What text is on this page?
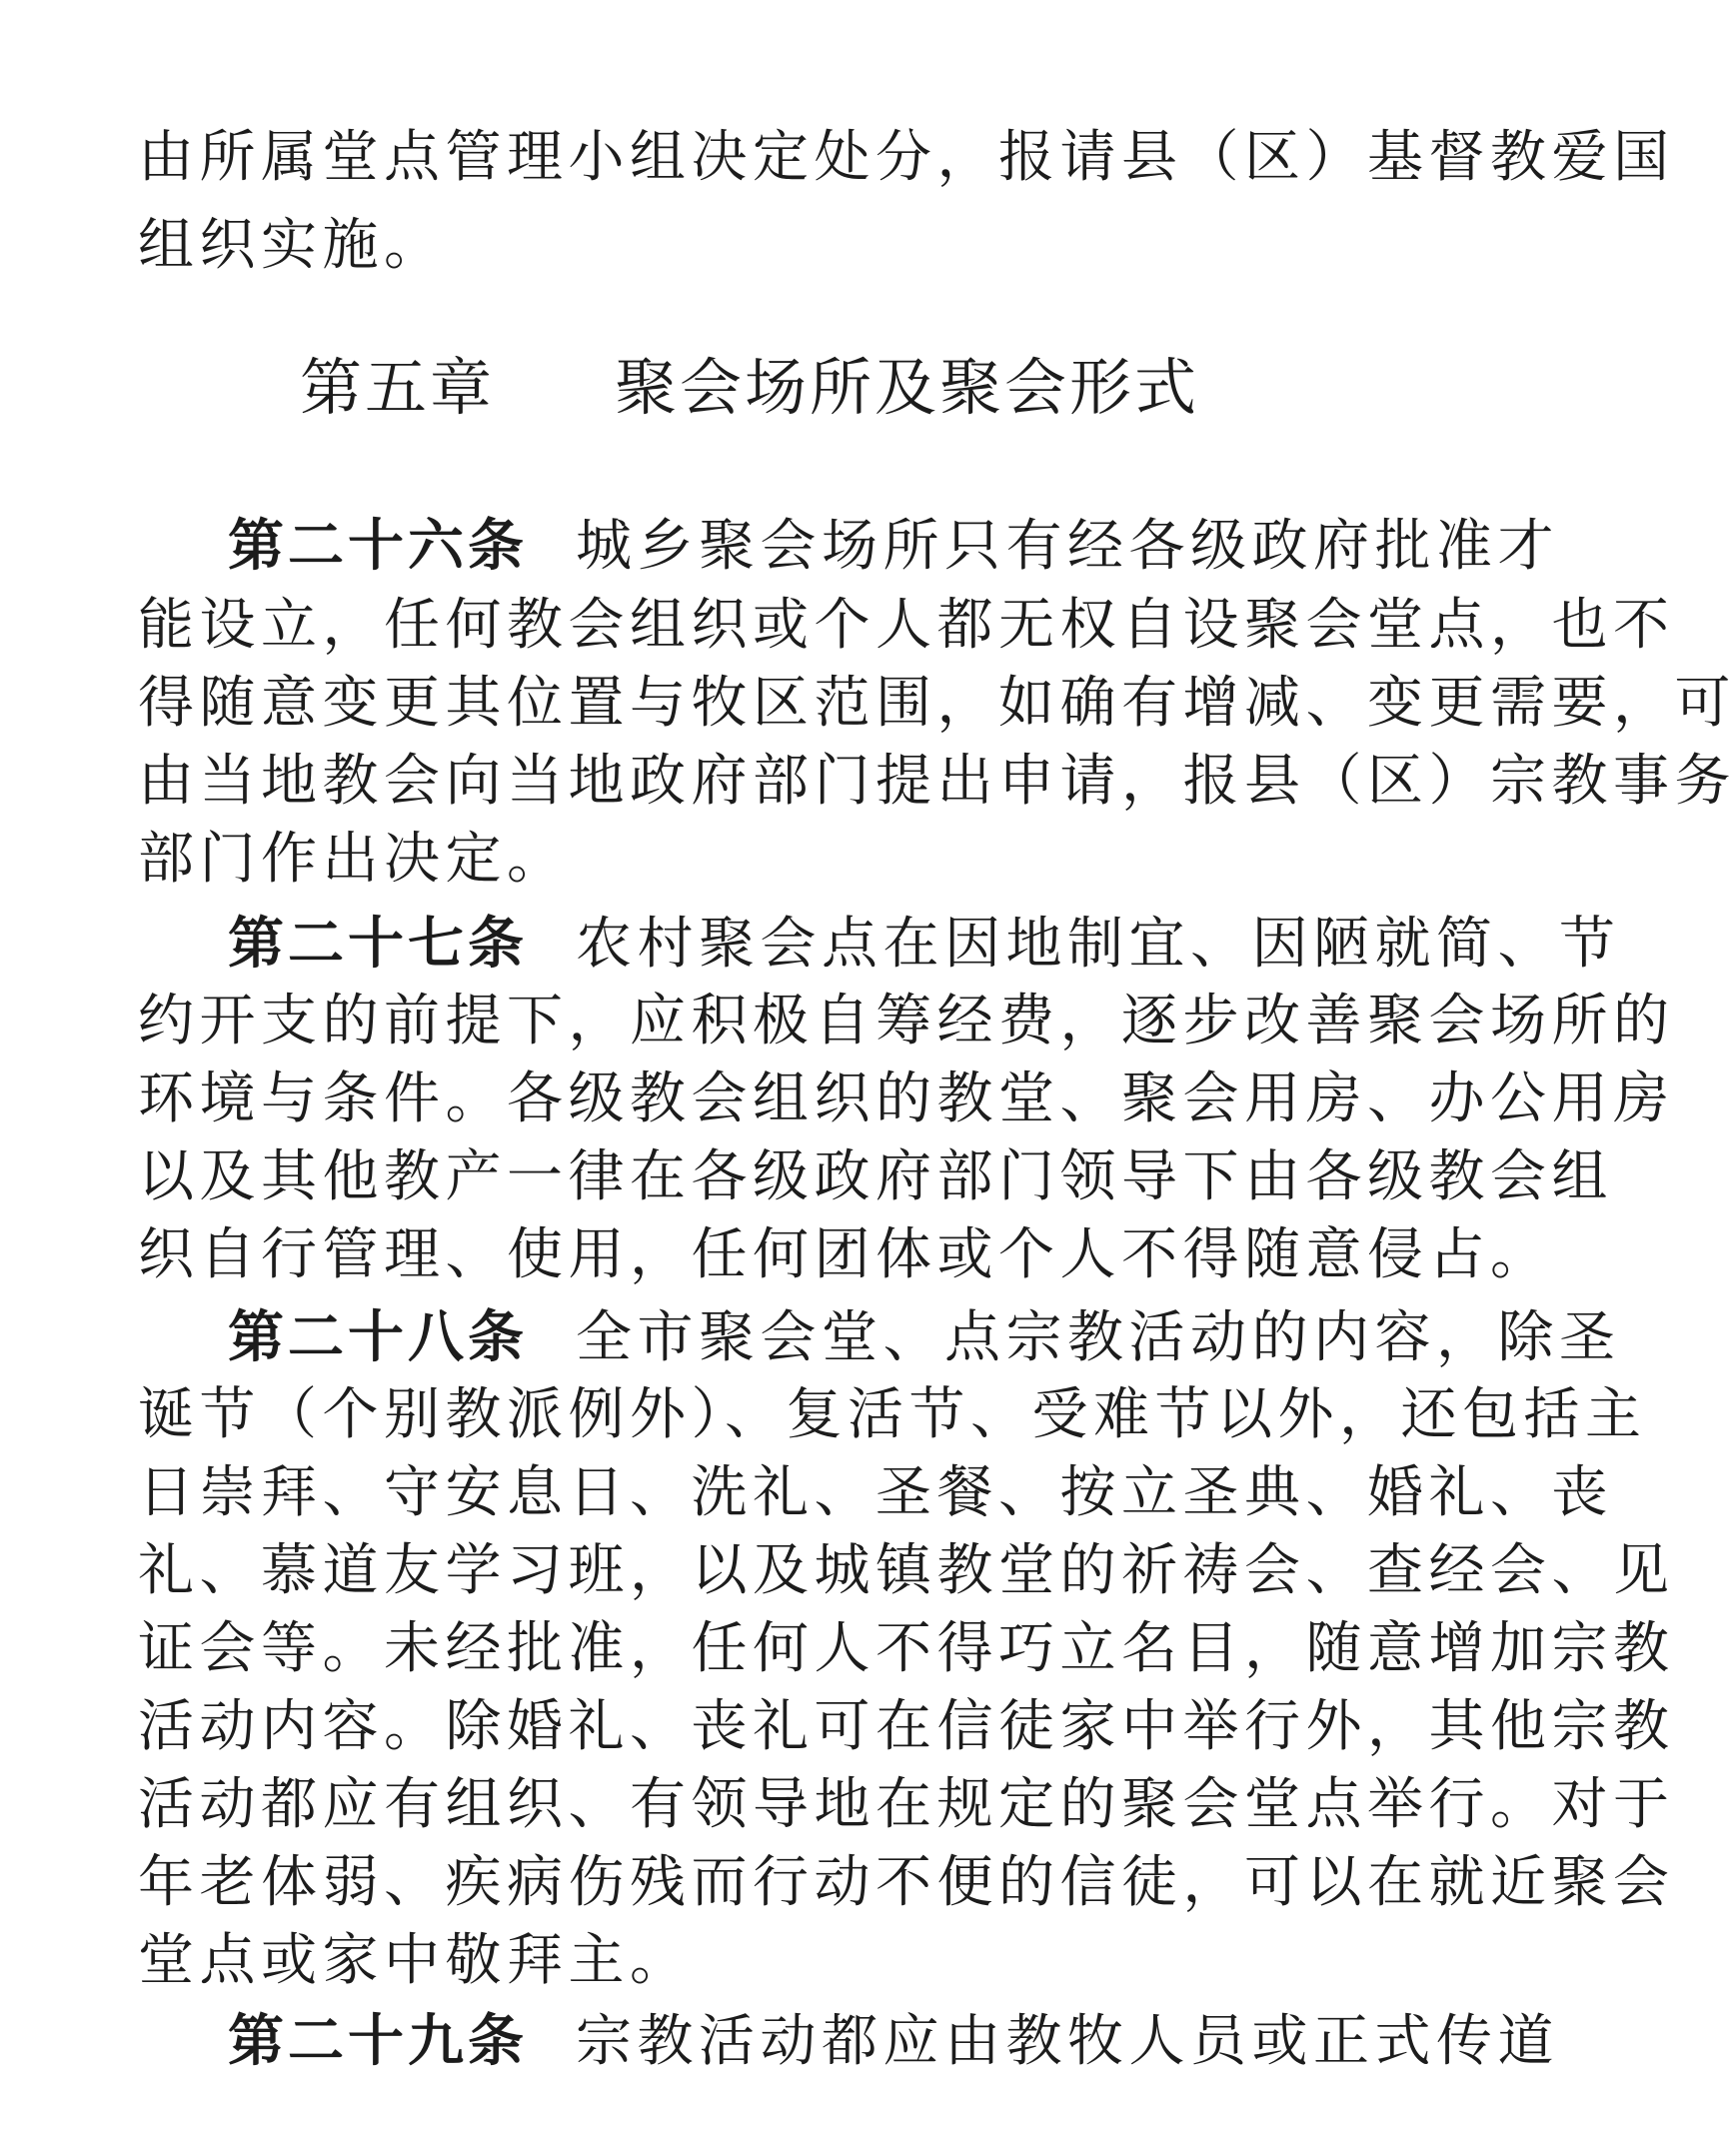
由所属堂点管理小组决定处分，报请县（区）基督教爱国
组织实施。
第五章 聚会场所及聚会形式
第二十六条 城乡聚会场所只有经各级政府批准才
能设立，任何教会组织或个人都无权自设聚会堂点，也不
得随意变更其位置与牧区范围，如确有增减、变更需要，可
由当地教会向当地政府部门提出申请，报县（区）宗教事务
部门作出决定。
第二十七条 农村聚会点在因地制宜、因陋就简、节
约开支的前提下，应积极自筹经费，逐步改善聚会场所的
环境与条件。各级教会组织的教堂、聚会用房、办公用房
以及其他教产一律在各级政府部门领导下由各级教会组
织自行管理、使用，任何团体或个人不得随意侵占。
第二十八条 全市聚会堂、点宗教活动的内容，除圣
诞节（个别教派例外）、复活节、受难节以外，还包括主
日崇拜、守安息日、洗礼、圣餐、按立圣典、婚礼、丧
礼、慕道友学习班，以及城镇教堂的祈祷会、查经会、见
证会等。未经批准，任何人不得巧立名目，随意增加宗教
活动内容。除婚礼、丧礼可在信徒家中举行外，其他宗教
活动都应有组织、有领导地在规定的聚会堂点举行。对于
年老体弱、疾病伤残而行动不便的信徒，可以在就近聚会
堂点或家中敬拜主。
第二十九条 宗教活动都应由教牧人员或正式传道
